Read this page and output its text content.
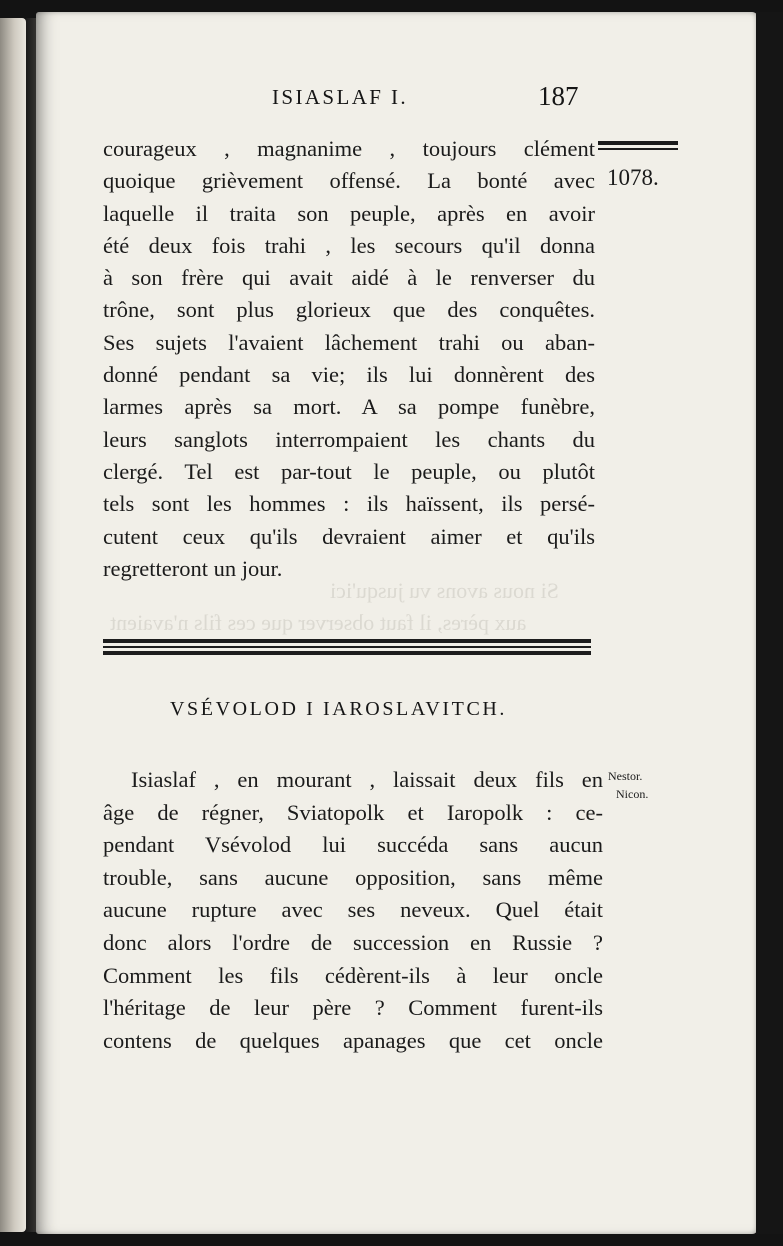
Si nous avons vu jusqu'ici
aux pères, il faut observer que ces fils n'avaient
ISIASLAF I.	187
1078.
courageux , magnanime , toujours clément
quoique grièvement offensé. La bonté avec
laquelle il traita son peuple, après en avoir
été deux fois trahi , les secours qu'il donna
à son frère qui avait aidé à le renverser du
trône, sont plus glorieux que des conquêtes.
Ses sujets l'avaient lâchement trahi ou aban-
donné pendant sa vie; ils lui donnèrent des
larmes après sa mort. A sa pompe funèbre,
leurs sanglots interrompaient les chants du
clergé. Tel est par-tout le peuple, ou plutôt
tels sont les hommes : ils haïssent, ils persé-
cutent ceux qu'ils devraient aimer et qu'ils
regretteront un jour.
VSÉVOLOD I IAROSLAVITCH.
Isiaslaf , en mourant , laissait deux fils en
âge de régner, Sviatopolk et Iaropolk : ce-
pendant Vsévolod lui succéda sans aucun
trouble, sans aucune opposition, sans même
aucune rupture avec ses neveux. Quel était
donc alors l'ordre de succession en Russie ?
Comment les fils cédèrent-ils à leur oncle
l'héritage de leur père ? Comment furent-ils
contens de quelques apanages que cet oncle
Nestor.
Nicon.
